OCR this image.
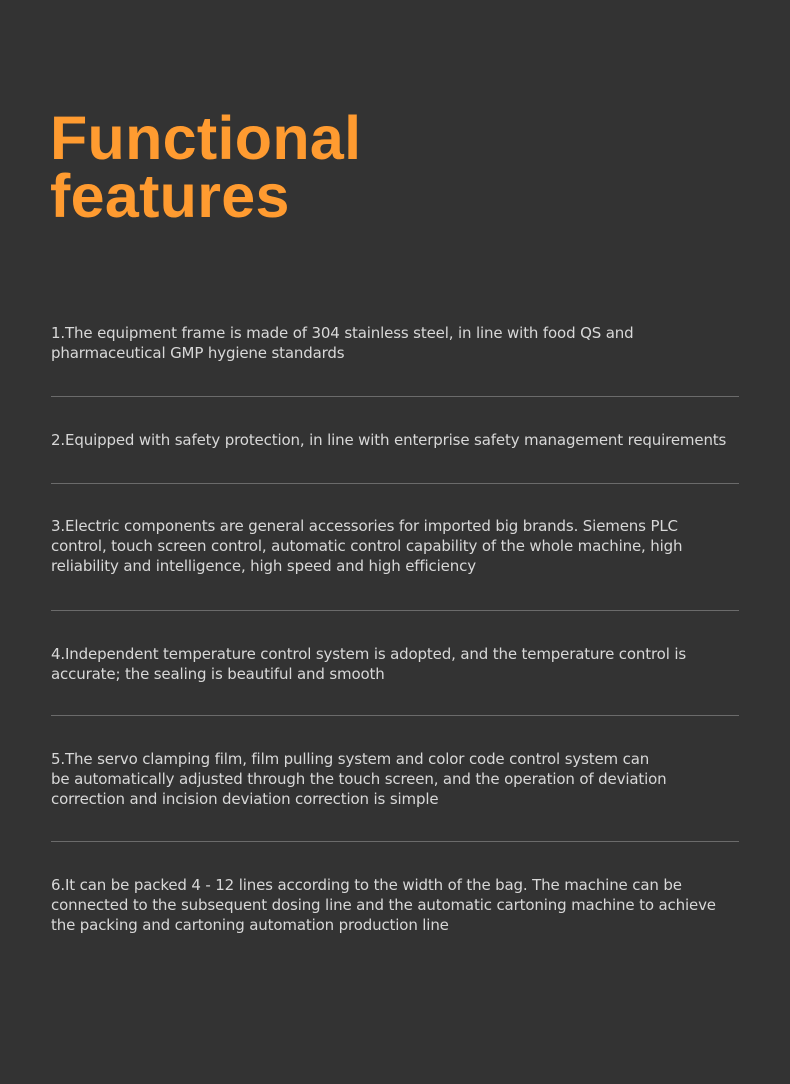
Functional
features

1.The equipment frame is made of 304 stainless steel, in line with food QS and
pharmaceutical GMP hygiene standards

2.Equipped with safety protection, in line with enterprise safety management requirements

3.Electric components are general accessories for imported big brands. Siemens PLC
control, touch screen control, automatic control capability of the whole machine, high
reliability and intelligence, high speed and high efficiency

4.Independent temperature control system is adopted, and the temperature control is
accurate; the sealing is beautiful and smooth

5.The servo clamping film, film pulling system and color code control system can
be automatically adjusted through the touch screen, and the operation of deviation
correction and incision deviation correction is simple

6.It can be packed 4 - 12 lines according to the width of the bag. The machine can be
connected to the subsequent dosing line and the automatic cartoning machine to achieve
the packing and cartoning automation production line
